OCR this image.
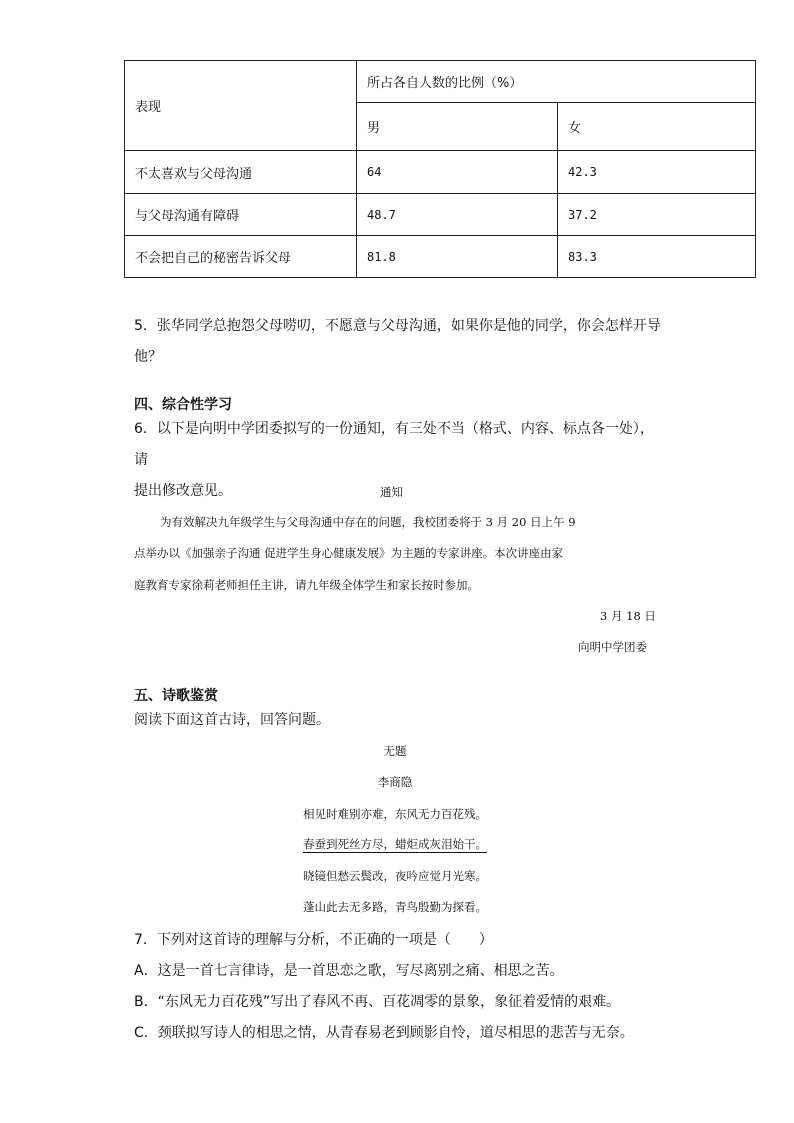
表现	所占各自人数的比例（%）	
	男	女
不太喜欢与父母沟通	64	42.3
与父母沟通有障碍	48.7	37.2
不会把自己的秘密告诉父母	81.8	83.3
5．张华同学总抱怨父母唠叨，不愿意与父母沟通，如果你是他的同学，你会怎样开导
他？
四、综合性学习
6．以下是向明中学团委拟写的一份通知，有三处不当（格式、内容、标点各一处），请
提出修改意见。	通知
为有效解决九年级学生与父母沟通中存在的问题，我校团委将于 3 月 20 日上午 9
点举办以《加强亲子沟通 促进学生身心健康发展》为主题的专家讲座。本次讲座由家
庭教育专家徐莉老师担任主讲，请九年级全体学生和家长按时参加。
3 月 18 日
向明中学团委
五、诗歌鉴赏
阅读下面这首古诗，回答问题。
无题
李商隐
相见时难别亦难，东风无力百花残。
春蚕到死丝方尽，蜡炬成灰泪始干。
晓镜但愁云鬓改，夜吟应觉月光寒。
蓬山此去无多路，青鸟殷勤为探看。
7．下列对这首诗的理解与分析，不正确的一项是（　　）
A．这是一首七言律诗，是一首思恋之歌，写尽离别之痛、相思之苦。
B．“东风无力百花残”写出了春风不再、百花凋零的景象，象征着爱情的艰难。
C．颈联拟写诗人的相思之情，从青春易老到顾影自怜，道尽相思的悲苦与无奈。
